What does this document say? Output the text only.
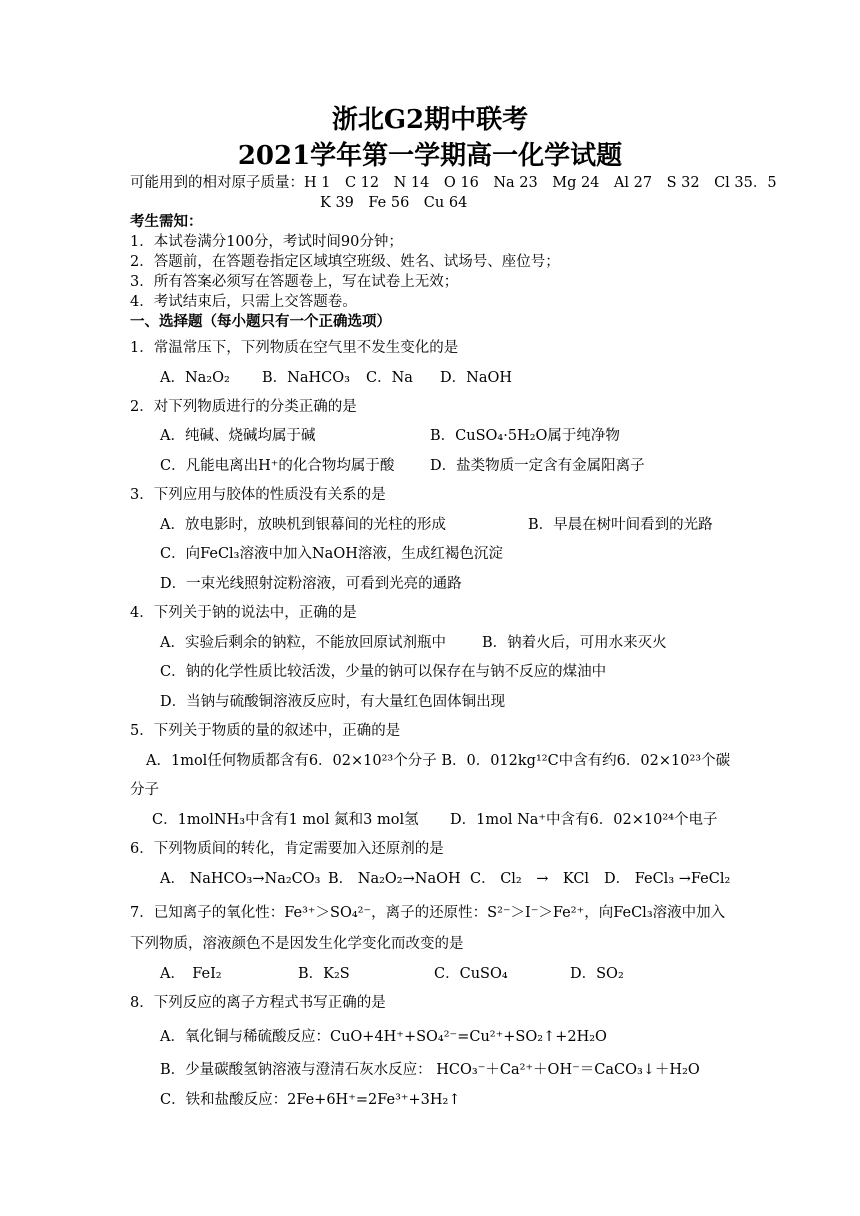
浙北G2期中联考
2021学年第一学期高一化学试题
可能用到的相对原子质量：H 1　C 12　N 14　O 16　Na 23　Mg 24　Al 27　S 32　Cl 35．5
K 39　Fe 56　Cu 64
考生需知：
1．本试卷满分100分，考试时间90分钟；
2．答题前，在答题卷指定区域填空班级、姓名、试场号、座位号；
3．所有答案必须写在答题卷上，写在试卷上无效；
4．考试结束后，只需上交答题卷。
一、选择题（每小题只有一个正确选项）
1．常温常压下，下列物质在空气里不发生变化的是
A．Na₂O₂ B．NaHCO₃ C．Na D．NaOH
2．对下列物质进行的分类正确的是
A．纯碱、烧碱均属于碱	B．CuSO₄·5H₂O属于纯净物
C．凡能电离出H⁺的化合物均属于酸 D．盐类物质一定含有金属阳离子
3．下列应用与胶体的性质没有关系的是
A．放电影时，放映机到银幕间的光柱的形成	B．早晨在树叶间看到的光路
C．向FeCl₃溶液中加入NaOH溶液，生成红褐色沉淀
D．一束光线照射淀粉溶液，可看到光亮的通路
4．下列关于钠的说法中，正确的是
A．实验后剩余的钠粒，不能放回原试剂瓶中 B．钠着火后，可用水来灭火
C．钠的化学性质比较活泼，少量的钠可以保存在与钠不反应的煤油中
D．当钠与硫酸铜溶液反应时，有大量红色固体铜出现
5．下列关于物质的量的叙述中，正确的是
A．1mol任何物质都含有6．02×10²³个分子 B．0．012kg¹²C中含有约6．02×10²³个碳
分子
C．1molNH₃中含有1 mol 氮和3 mol氢 D．1mol Na⁺中含有6．02×10²⁴个电子
6．下列物质间的转化，肯定需要加入还原剂的是
A． NaHCO₃→Na₂CO₃ B． Na₂O₂→NaOH C． Cl₂　→　KCl D． FeCl₃ →FeCl₂
7．已知离子的氧化性：Fe³⁺＞SO₄²⁻，离子的还原性：S²⁻＞I⁻＞Fe²⁺，向FeCl₃溶液中加入
下列物质，溶液颜色不是因发生化学变化而改变的是
A．　FeI₂	B．K₂S	C．CuSO₄	D．SO₂
8．下列反应的离子方程式书写正确的是
A．氧化铜与稀硫酸反应：CuO+4H⁺+SO₄²⁻=Cu²⁺+SO₂↑+2H₂O
B．少量碳酸氢钠溶液与澄清石灰水反应： HCO₃⁻＋Ca²⁺＋OH⁻＝CaCO₃↓＋H₂O
C．铁和盐酸反应：2Fe+6H⁺=2Fe³⁺+3H₂↑
